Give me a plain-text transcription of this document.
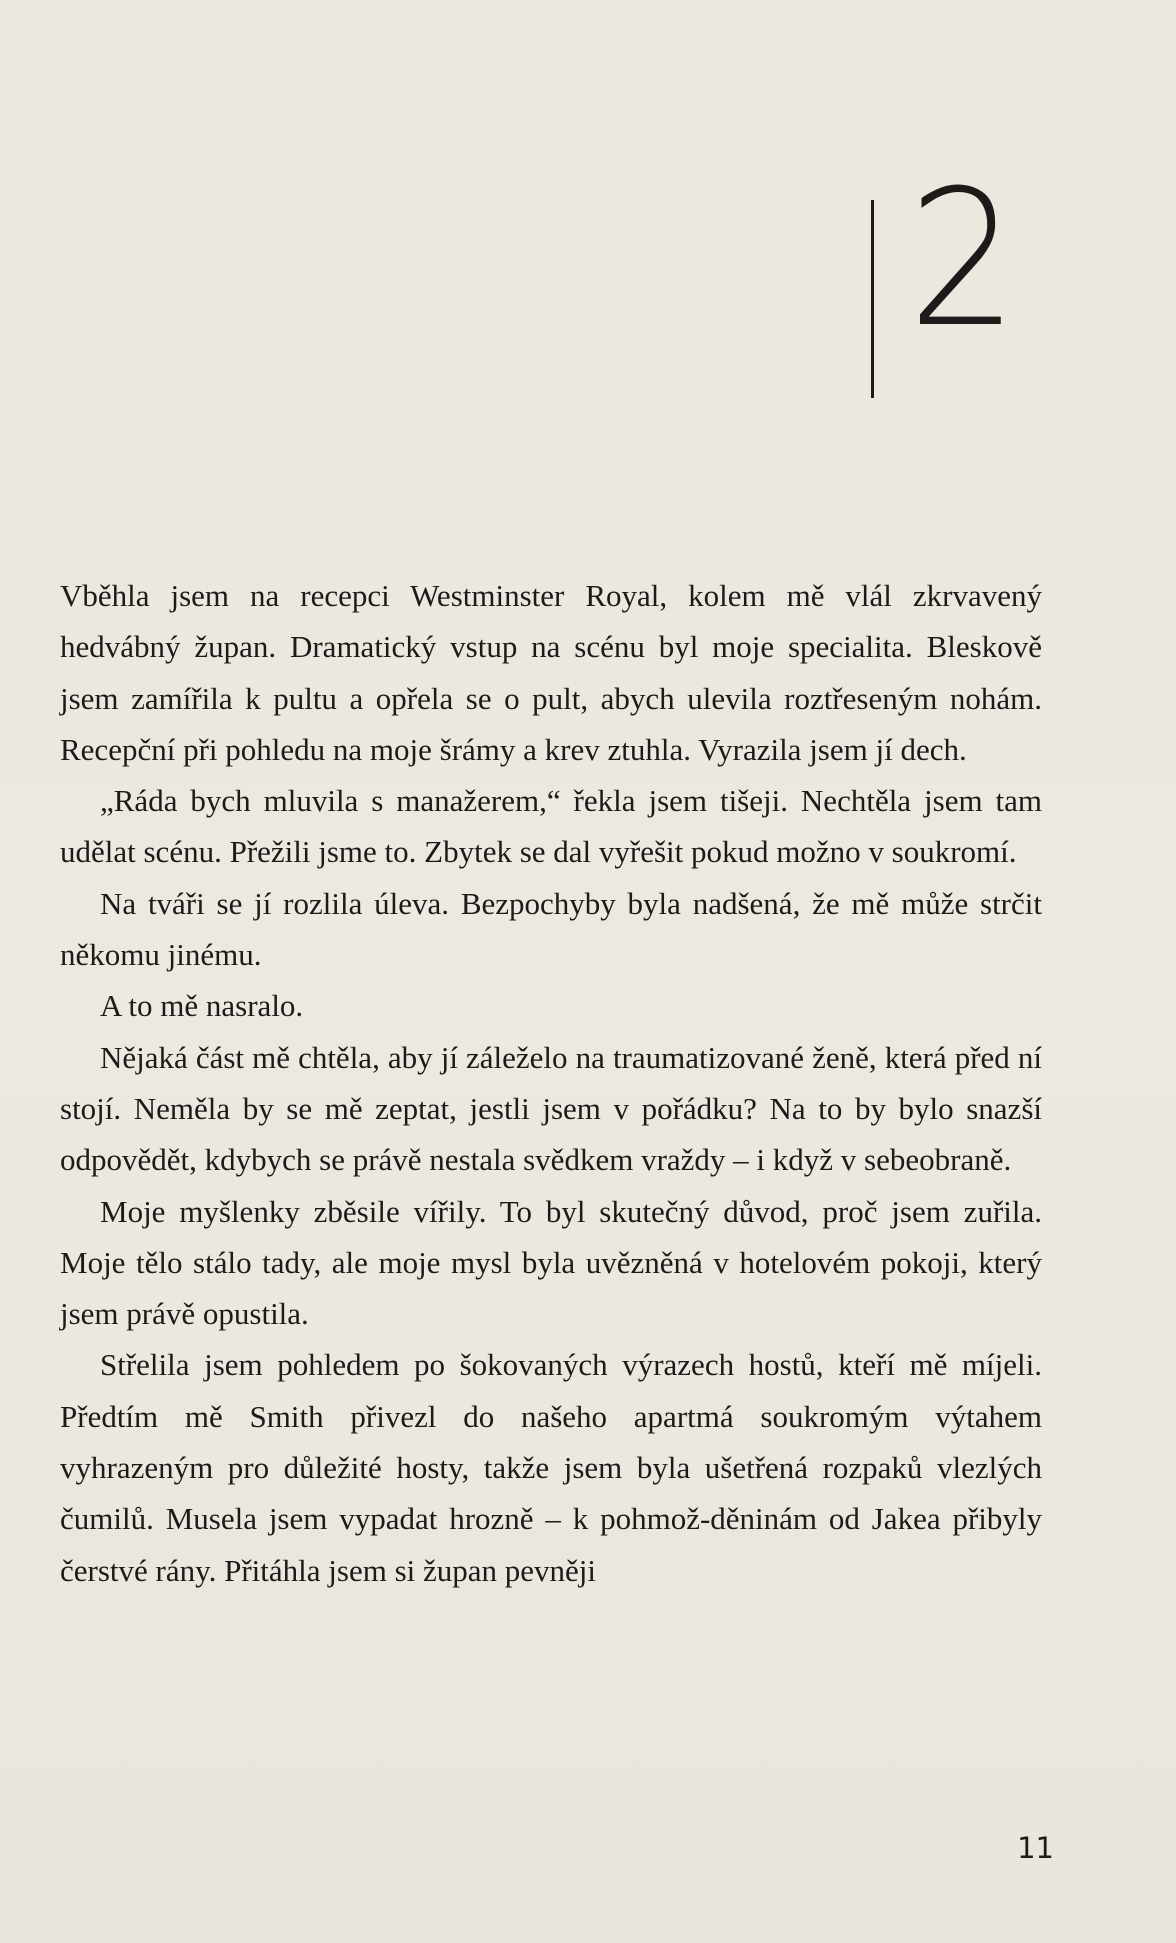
2

Vběhla jsem na recepci Westminster Royal, kolem mě vlál zkrvavený hedvábný župan. Dramatický vstup na scénu byl moje specialita. Bleskově jsem zamířila k pultu a opřela se o pult, abych ulevila roztřeseným nohám. Recepční při pohledu na moje šrámy a krev ztuhla. Vyrazila jsem jí dech.

„Ráda bych mluvila s manažerem,“ řekla jsem tišeji. Nechtěla jsem tam udělat scénu. Přežili jsme to. Zbytek se dal vyřešit pokud možno v soukromí.

Na tváři se jí rozlila úleva. Bezpochyby byla nadšená, že mě může strčit někomu jinému.

A to mě nasralo.

Nějaká část mě chtěla, aby jí záleželo na traumatizované ženě, která před ní stojí. Neměla by se mě zeptat, jestli jsem v pořádku? Na to by bylo snazší odpovědět, kdybych se právě nestala svědkem vraždy – i když v sebeobraně.

Moje myšlenky zběsile vířily. To byl skutečný důvod, proč jsem zuřila. Moje tělo stálo tady, ale moje mysl byla uvězněná v hotelovém pokoji, který jsem právě opustila.

Střelila jsem pohledem po šokovaných výrazech hostů, kteří mě míjeli. Předtím mě Smith přivezl do našeho apartmá soukromým výtahem vyhrazeným pro důležité hosty, takže jsem byla ušetřená rozpaků vlezlých čumilů. Musela jsem vypadat hrozně – k pohmož-děninám od Jakea přibyly čerstvé rány. Přitáhla jsem si župan pevněji

11
